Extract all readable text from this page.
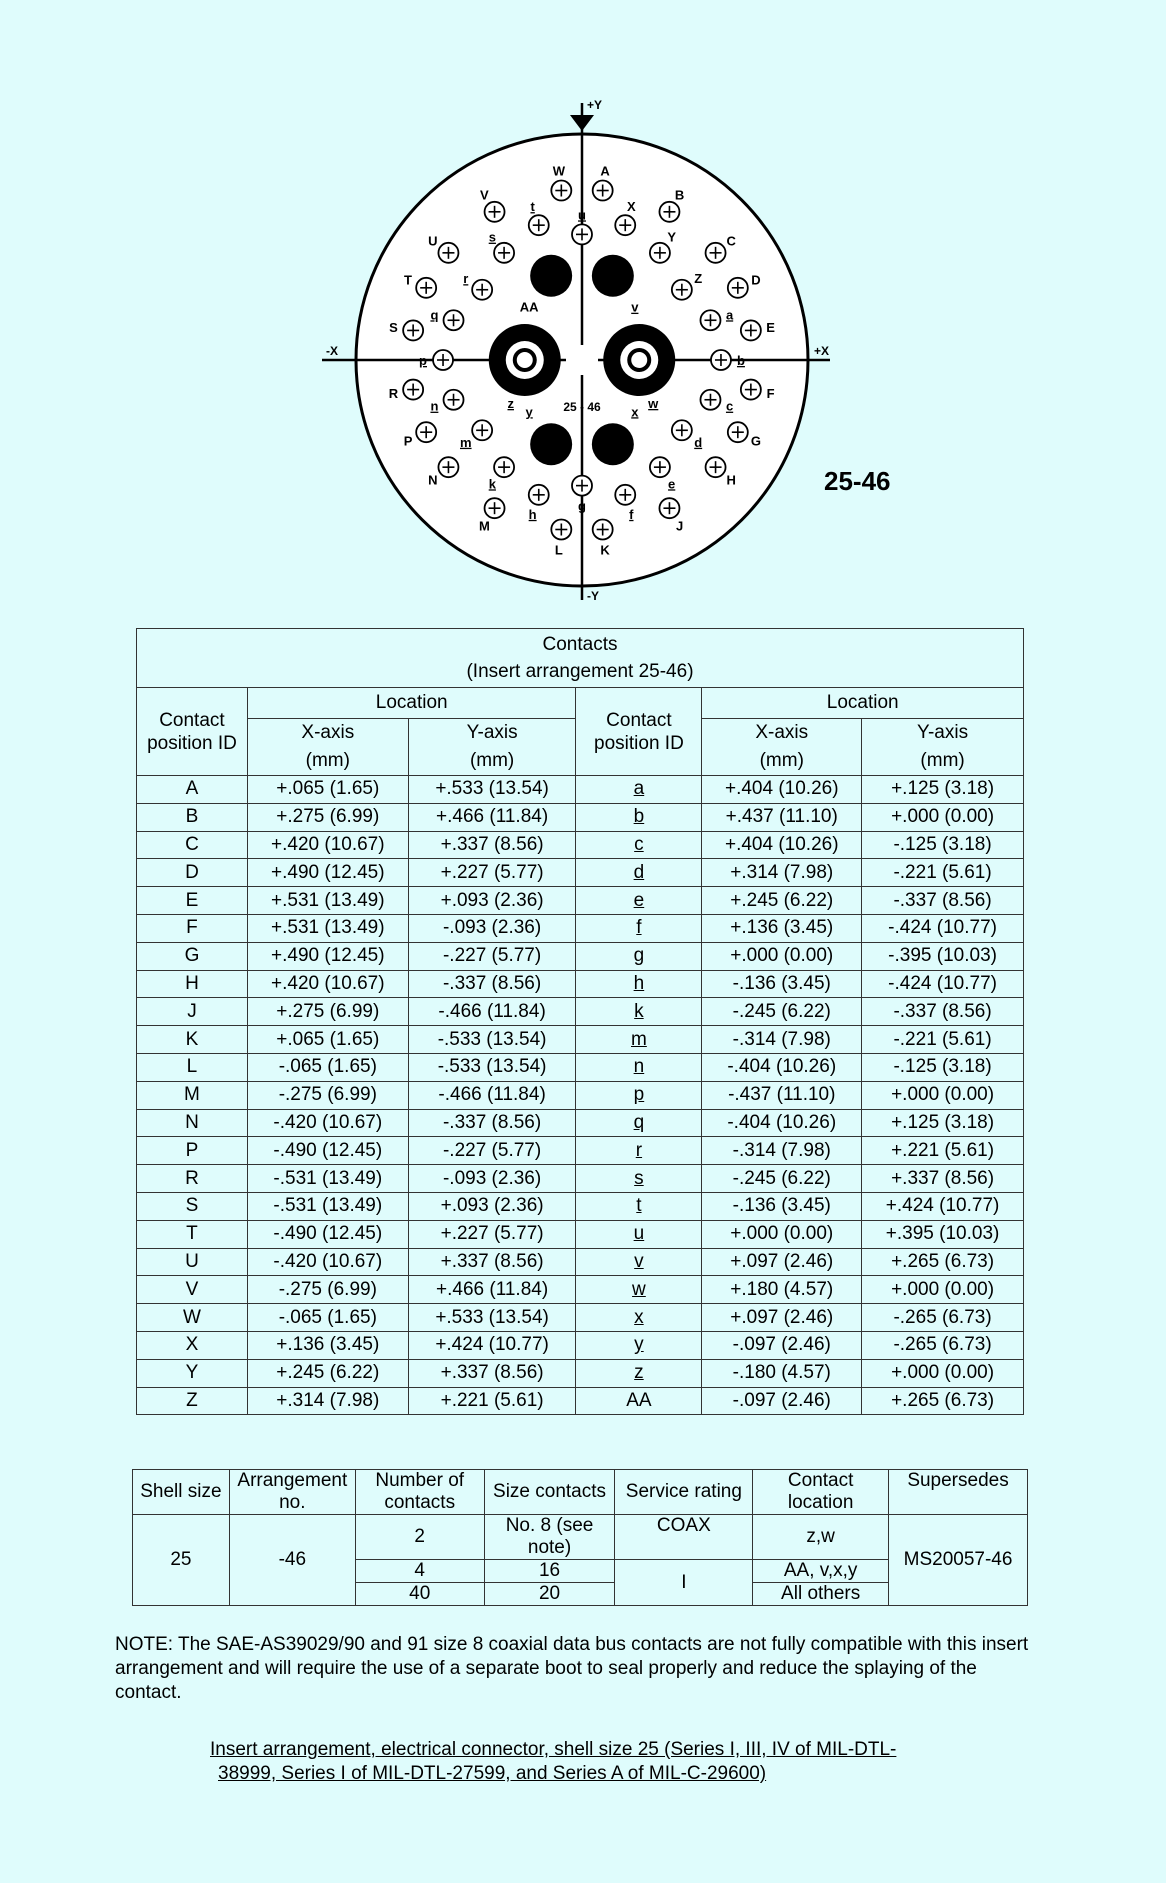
+Y
-Y
-X	+X
25 - 46
A
B
C
D
E
F
G
H
J
K
L
M
N
P
R
S
T
U
V
W
X
Y
Z
a
b
c
d
e
f
g
h
k
m
n
p
q
r
s
t
u
v
w
x
y
z
AA
25-46
Contacts
(Insert arrangement 25-46)					
Contact position ID	Location		Contact position ID	Location	
	X-axis	Y-axis		X-axis	Y-axis
	(mm)	(mm)		(mm)	(mm)
A	+.065 (1.65)	+.533 (13.54)	a	+.404 (10.26)	+.125 (3.18)
B	+.275 (6.99)	+.466 (11.84)	b	+.437 (11.10)	+.000 (0.00)
C	+.420 (10.67)	+.337 (8.56)	c	+.404 (10.26)	-.125 (3.18)
D	+.490 (12.45)	+.227 (5.77)	d	+.314 (7.98)	-.221 (5.61)
E	+.531 (13.49)	+.093 (2.36)	e	+.245 (6.22)	-.337 (8.56)
F	+.531 (13.49)	-.093 (2.36)	f	+.136 (3.45)	-.424 (10.77)
G	+.490 (12.45)	-.227 (5.77)	g	+.000 (0.00)	-.395 (10.03)
H	+.420 (10.67)	-.337 (8.56)	h	-.136 (3.45)	-.424 (10.77)
J	+.275 (6.99)	-.466 (11.84)	k	-.245 (6.22)	-.337 (8.56)
K	+.065 (1.65)	-.533 (13.54)	m	-.314 (7.98)	-.221 (5.61)
L	-.065 (1.65)	-.533 (13.54)	n	-.404 (10.26)	-.125 (3.18)
M	-.275 (6.99)	-.466 (11.84)	p	-.437 (11.10)	+.000 (0.00)
N	-.420 (10.67)	-.337 (8.56)	q	-.404 (10.26)	+.125 (3.18)
P	-.490 (12.45)	-.227 (5.77)	r	-.314 (7.98)	+.221 (5.61)
R	-.531 (13.49)	-.093 (2.36)	s	-.245 (6.22)	+.337 (8.56)
S	-.531 (13.49)	+.093 (2.36)	t	-.136 (3.45)	+.424 (10.77)
T	-.490 (12.45)	+.227 (5.77)	u	+.000 (0.00)	+.395 (10.03)
U	-.420 (10.67)	+.337 (8.56)	v	+.097 (2.46)	+.265 (6.73)
V	-.275 (6.99)	+.466 (11.84)	w	+.180 (4.57)	+.000 (0.00)
W	-.065 (1.65)	+.533 (13.54)	x	+.097 (2.46)	-.265 (6.73)
X	+.136 (3.45)	+.424 (10.77)	y	-.097 (2.46)	-.265 (6.73)
Y	+.245 (6.22)	+.337 (8.56)	z	-.180 (4.57)	+.000 (0.00)
Z	+.314 (7.98)	+.221 (5.61)	AA	-.097 (2.46)	+.265 (6.73)
Shell size	Arrangement no.	Number of contacts	Size contacts	Service rating	Contact location	Supersedes
25	-46	2	No. 8 (see note)	COAX	z,w	MS20057-46
		4	16	I	AA, v,x,y	
		40	20		All others	
NOTE: The SAE-AS39029/90 and 91 size 8 coaxial data bus contacts are not fully compatible with this insert arrangement and will require the use of a separate boot to seal properly and reduce the splaying of the contact.
Insert arrangement, electrical connector, shell size 25 (Series I, III, IV of MIL-DTL-
38999, Series I of MIL-DTL-27599, and Series A of MIL-C-29600)
